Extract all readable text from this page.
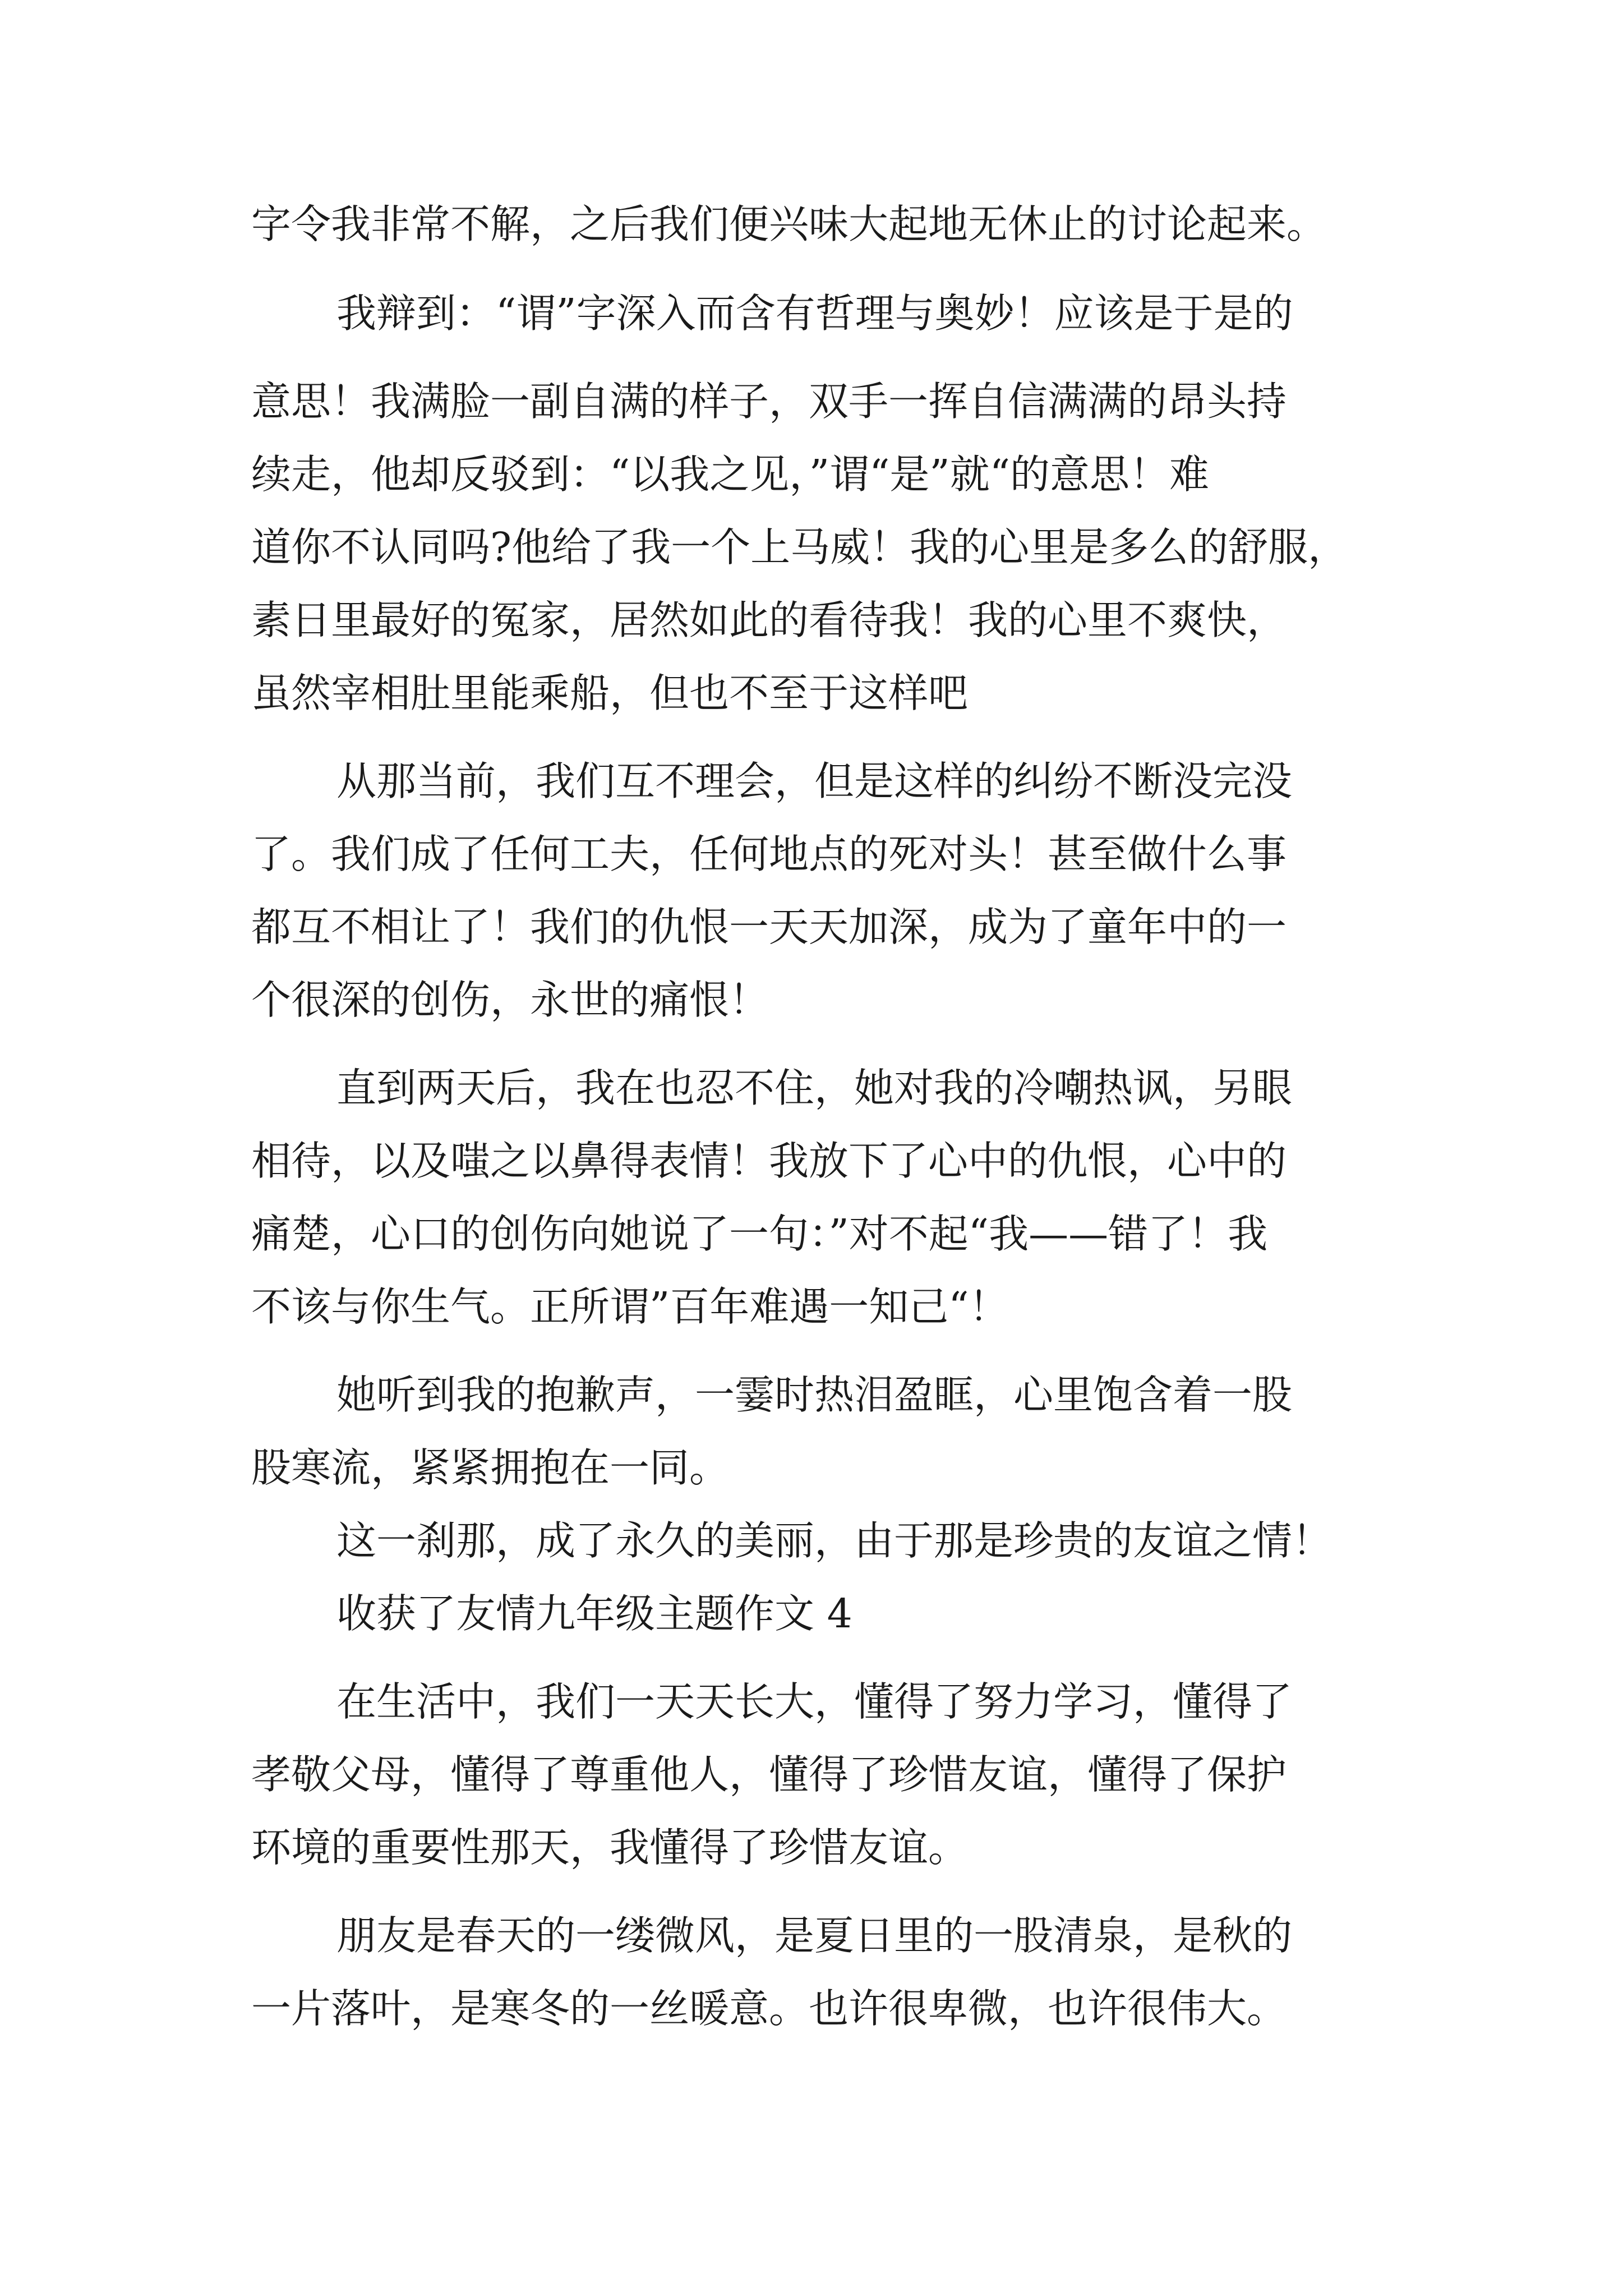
字令我非常不解，之后我们便兴味大起地无休止的讨论起来。

我辩到：“谓”字深入而含有哲理与奥妙！应该是于是的

意思！我满脸一副自满的样子，双手一挥自信满满的昂头持

续走，他却反驳到：“以我之见，”谓“是”就“的意思！难

道你不认同吗?他给了我一个上马威！我的心里是多么的舒服，

素日里最好的冤家，居然如此的看待我！我的心里不爽快，

虽然宰相肚里能乘船，但也不至于这样吧

从那当前，我们互不理会，但是这样的纠纷不断没完没

了。我们成了任何工夫，任何地点的死对头！甚至做什么事

都互不相让了！我们的仇恨一天天加深，成为了童年中的一

个很深的创伤，永世的痛恨！

直到两天后，我在也忍不住，她对我的冷嘲热讽，另眼

相待，以及嗤之以鼻得表情！我放下了心中的仇恨，心中的

痛楚，心口的创伤向她说了一句：”对不起“我——错了！我

不该与你生气。正所谓”百年难遇一知己“！

她听到我的抱歉声，一霎时热泪盈眶，心里饱含着一股

股寒流，紧紧拥抱在一同。

这一刹那，成了永久的美丽，由于那是珍贵的友谊之情！

收获了友情九年级主题作文 4

在生活中，我们一天天长大，懂得了努力学习，懂得了

孝敬父母，懂得了尊重他人，懂得了珍惜友谊，懂得了保护

环境的重要性那天，我懂得了珍惜友谊。

朋友是春天的一缕微风，是夏日里的一股清泉，是秋的

一片落叶，是寒冬的一丝暖意。也许很卑微，也许很伟大。
